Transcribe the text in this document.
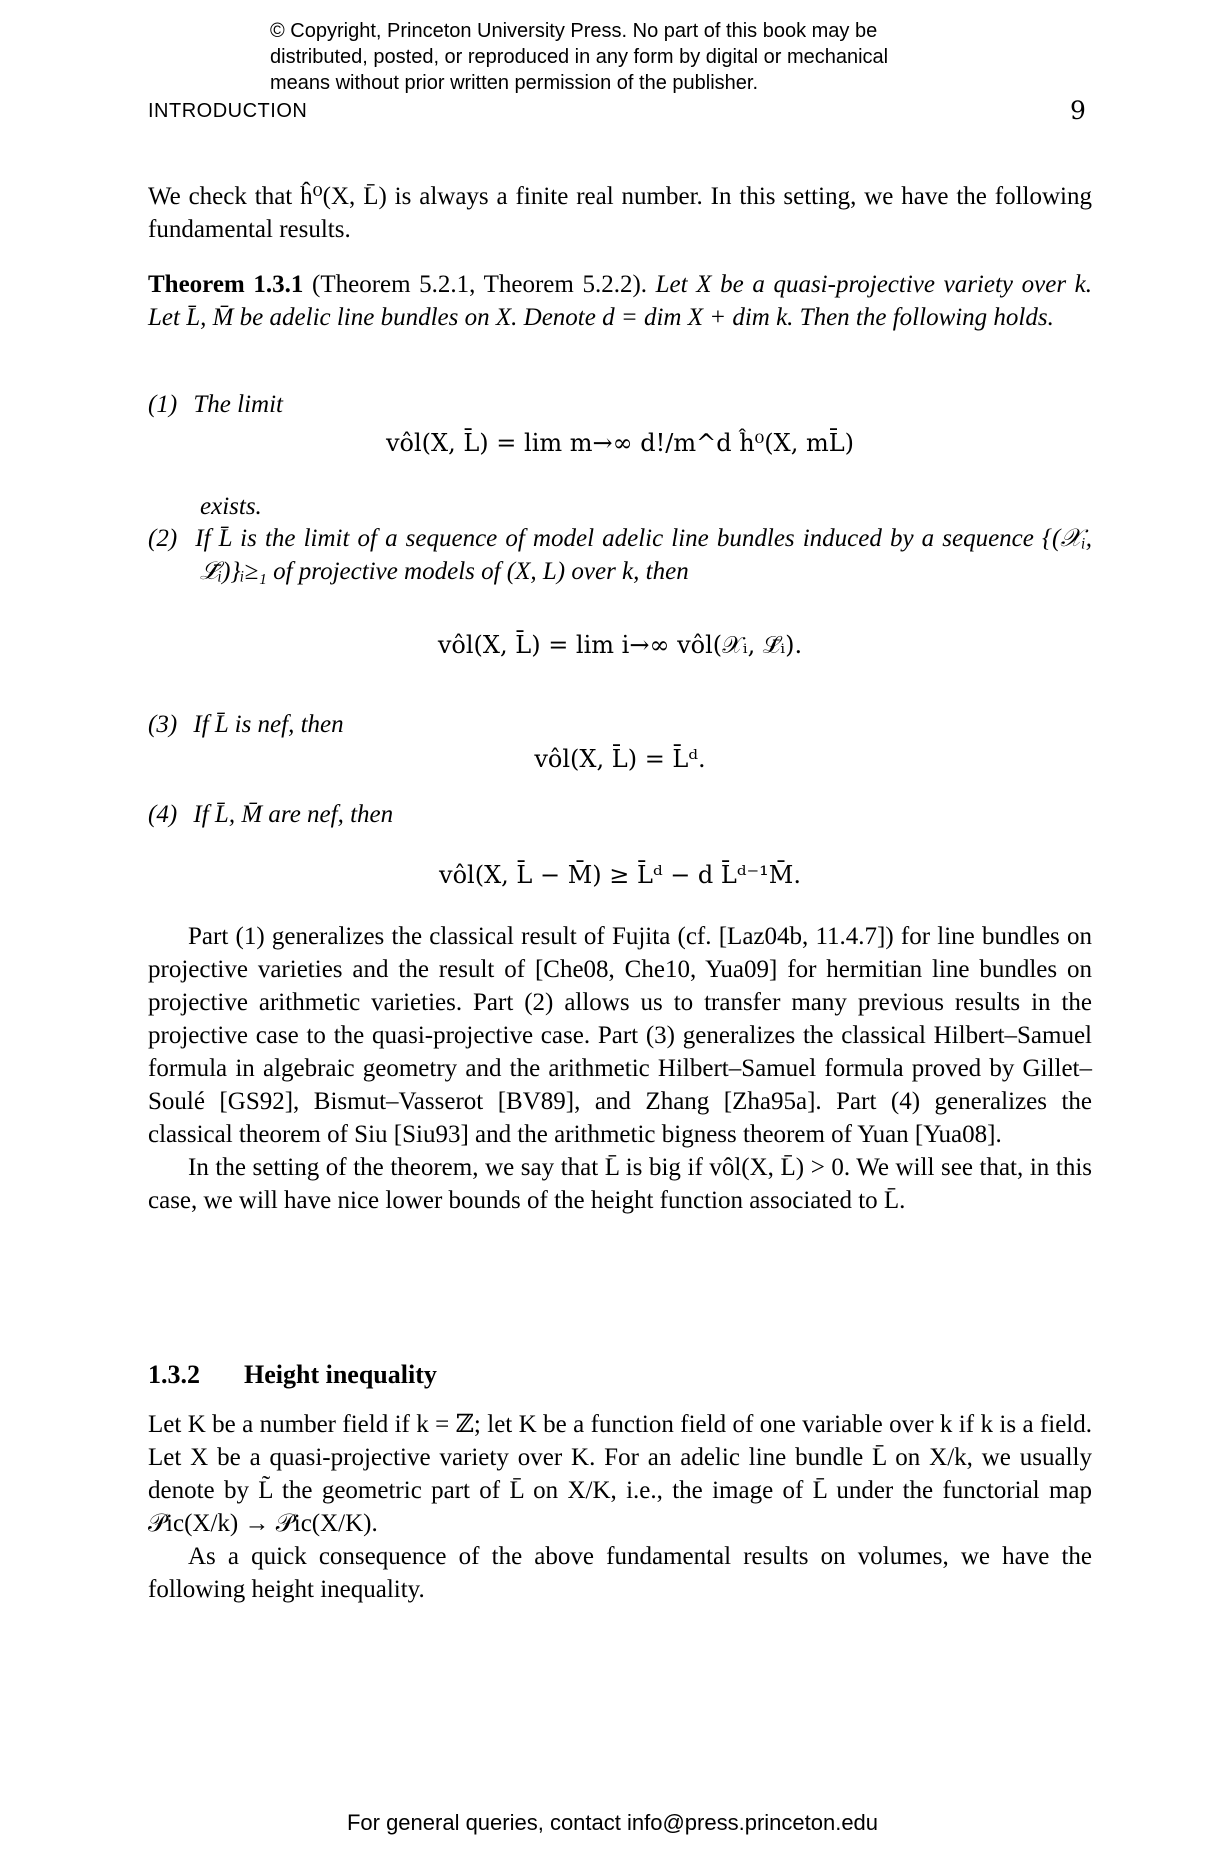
© Copyright, Princeton University Press. No part of this book may be
distributed, posted, or reproduced in any form by digital or mechanical
means without prior written permission of the publisher.
INTRODUCTION	9

We check that ĥ⁰(X, L̄) is always a finite real number. In this setting, we have the following fundamental results.

Theorem 1.3.1 (Theorem 5.2.1, Theorem 5.2.2). Let X be a quasi-projective variety over k. Let L̄, M̄ be adelic line bundles on X. Denote d = dim X + dim k. Then the following holds.

(1) The limit
vôl(X, L̄) = lim m→∞ d!/m^d ĥ⁰(X, mL̄)
exists.

(2) If L̄ is the limit of a sequence of model adelic line bundles induced by a sequence {(𝒳ᵢ, ℒ̄ᵢ)}ᵢ≥₁ of projective models of (X, L) over k, then

vôl(X, L̄) = lim i→∞ vôl(𝒳ᵢ, ℒ̄ᵢ).
(3) If L̄ is nef, then
vôl(X, L̄) = L̄ᵈ.
(4) If L̄, M̄ are nef, then
vôl(X, L̄ − M̄) ≥ L̄ᵈ − d L̄ᵈ⁻¹M̄.

Part (1) generalizes the classical result of Fujita (cf. [Laz04b, 11.4.7]) for line bundles on projective varieties and the result of [Che08, Che10, Yua09] for hermitian line bundles on projective arithmetic varieties. Part (2) allows us to transfer many previous results in the projective case to the quasi-projective case. Part (3) generalizes the classical Hilbert–Samuel formula in algebraic geometry and the arithmetic Hilbert–Samuel formula proved by Gillet–Soulé [GS92], Bismut–Vasserot [BV89], and Zhang [Zha95a]. Part (4) generalizes the classical theorem of Siu [Siu93] and the arithmetic bigness theorem of Yuan [Yua08].

In the setting of the theorem, we say that L̄ is big if vôl(X, L̄) > 0. We will see that, in this case, we will have nice lower bounds of the height function associated to L̄.

1.3.2 Height inequality

Let K be a number field if k = ℤ; let K be a function field of one variable over k if k is a field. Let X be a quasi-projective variety over K. For an adelic line bundle L̄ on X/k, we usually denote by L̃ the geometric part of L̄ on X/K, i.e., the image of L̄ under the functorial map 𝒫ic(X/k) → 𝒫ic(X/K).

As a quick consequence of the above fundamental results on volumes, we have the following height inequality.

For general queries, contact info@press.princeton.edu
